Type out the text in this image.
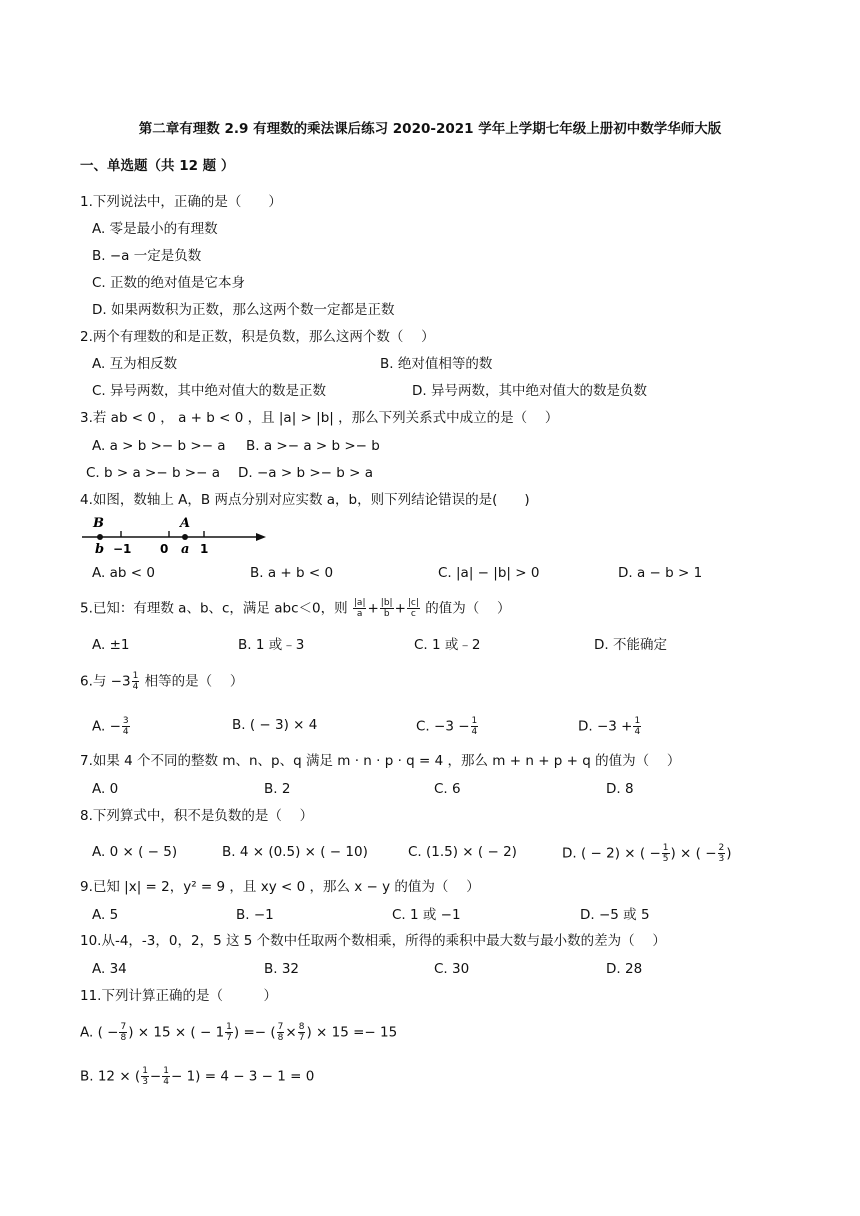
第二章有理数 2.9 有理数的乘法课后练习 2020-2021 学年上学期七年级上册初中数学华师大版
一、单选题（共 12 题 ）
1.下列说法中，正确的是（　　）
A. 零是最小的有理数
B. −a 一定是负数
C. 正数的绝对值是它本身
D. 如果两数积为正数，那么这两个数一定都是正数
2.两个有理数的和是正数，积是负数，那么这两个数（　 ）
A. 互为相反数	B. 绝对值相等的数
C. 异号两数，其中绝对值大的数是正数	D. 异号两数，其中绝对值大的数是负数
3.若 ab < 0 ， a + b < 0 ，且 |a| > |b| ，那么下列关系式中成立的是（　 ）
A. a > b >− b >− a B. a >− a > b >− b
C. b > a >− b >− a D. −a > b >− b > a
4.如图，数轴上 A，B 两点分别对应实数 a，b，则下列结论错误的是(　　)
B
b −1 0
A
a 1
A. ab < 0	B. a + b < 0	C. |a| − |b| > 0	D. a − b > 1
5.已知：有理数 a、b、c，满足 abc＜0，则 $\frac{|a|}{a} + \frac{|b|}{b} + \frac{|c|}{c}$ 的值为（　 ）
A. ±1	B. 1 或﹣3	C. 1 或﹣2	D. 不能确定
6.与 $-3 \frac{1}{4}$ 相等的是（　 ）
A. − $\frac{3}{4}$	B. ( − 3) × 4	C. $-3 - \frac{1}{4}$	D. $-3 + \frac{1}{4}$
7.如果 4 个不同的整数 m、n、p、q 满足 m · n · p · q = 4 ，那么 m + n + p + q 的值为（　 ）
A. 0	B. 2	C. 6	D. 8
8.下列算式中，积不是负数的是（　 ）
A. 0 × ( − 5)	B. 4 × (0.5) × ( − 10)	C. (1.5) × ( − 2)	D. ( − 2) × ( − $\frac{1}{5}$ ) × ( − $\frac{2}{3}$ )
9.已知 |x| = 2，y² = 9 ，且 xy < 0 ，那么 x − y 的值为（　 ）
A. 5	B. −1	C. 1 或 −1	D. −5 或 5
10.从-4，-3，0，2，5 这 5 个数中任取两个数相乘，所得的乘积中最大数与最小数的差为（　 ）
A. 34	B. 32	C. 30	D. 28
11.下列计算正确的是（　　　）
A. ( − $\frac{7}{8}$ ) × 15 × ( − $1 \frac{1}{7}$ ) =− ( $\frac{7}{8} \times \frac{8}{7}$ ) × 15 =− 15
B. 12 × ( $\frac{1}{3} - \frac{1}{4} - 1) = 4 - 3 - 1 = 0$
